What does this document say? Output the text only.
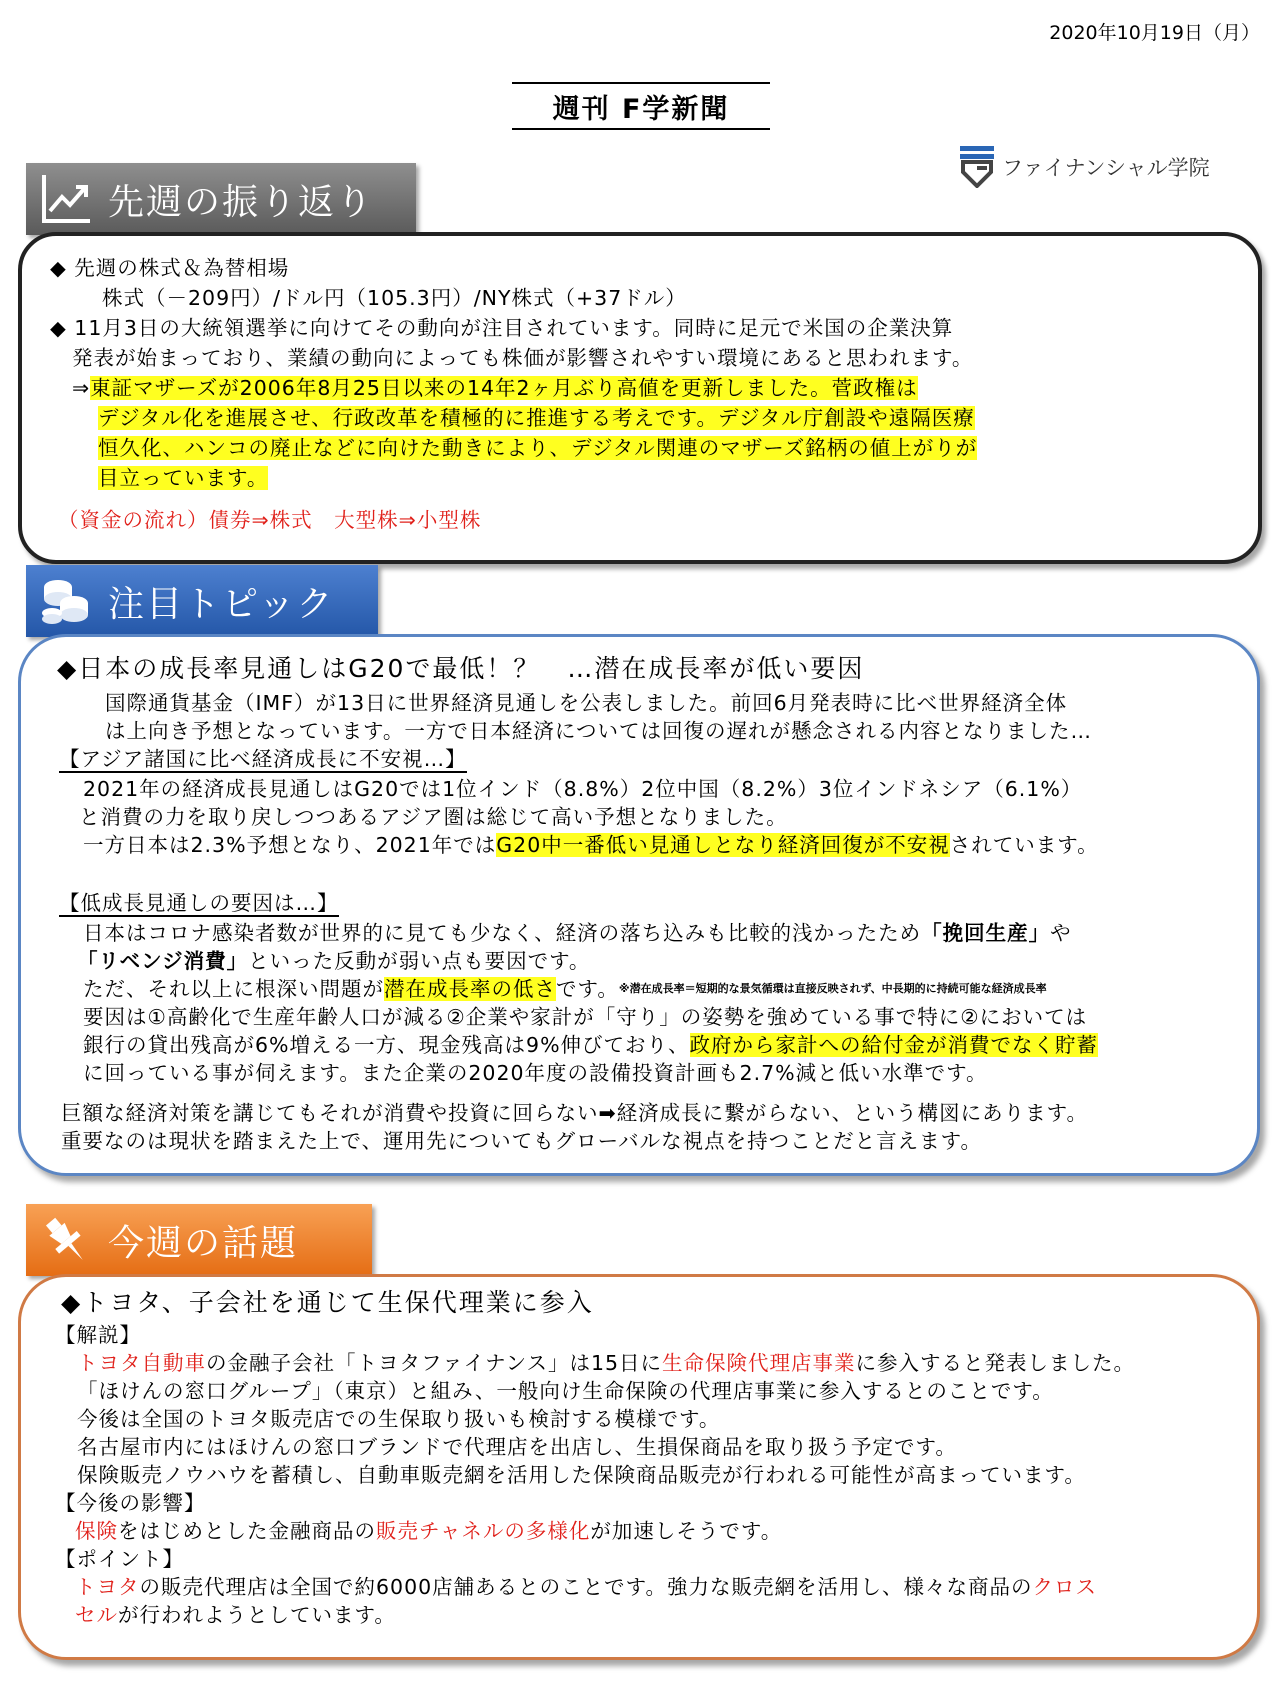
2020年10月19日（月）
週刊 F学新聞
ファイナンシャル学院
先週の振り返り
◆ 先週の株式＆為替相場
株式（－209円）/ドル円（105.3円）/NY株式（+37ドル）
◆ 11月3日の大統領選挙に向けてその動向が注目されています。同時に足元で米国の企業決算
発表が始まっており、業績の動向によっても株価が影響されやすい環境にあると思われます。
⇒東証マザーズが2006年8月25日以来の14年2ヶ月ぶり高値を更新しました。菅政権は
デジタル化を進展させ、行政改革を積極的に推進する考えです。デジタル庁創設や遠隔医療
恒久化、ハンコの廃止などに向けた動きにより、デジタル関連のマザーズ銘柄の値上がりが
目立っています。
（資金の流れ）債券⇒株式　大型株⇒小型株
注目トピック
◆日本の成長率見通しはG20で最低！？　…潜在成長率が低い要因
国際通貨基金（IMF）が13日に世界経済見通しを公表しました。前回6月発表時に比べ世界経済全体
は上向き予想となっています。一方で日本経済については回復の遅れが懸念される内容となりました…
【アジア諸国に比べ経済成長に不安視…】
2021年の経済成長見通しはG20では1位インド（8.8%）2位中国（8.2%）3位インドネシア（6.1%）
と消費の力を取り戻しつつあるアジア圏は総じて高い予想となりました。
一方日本は2.3%予想となり、2021年ではG20中一番低い見通しとなり経済回復が不安視されています。
【低成長見通しの要因は…】
日本はコロナ感染者数が世界的に見ても少なく、経済の落ち込みも比較的浅かったため「挽回生産」や
「リベンジ消費」といった反動が弱い点も要因です。
ただ、それ以上に根深い問題が潜在成長率の低さです。$^{※潜在成長率=短期的な景気循環は直接反映されず、中長期的に持続可能な経済成長率}$
要因は①高齢化で生産年齢人口が減る②企業や家計が「守り」の姿勢を強めている事で特に②においては
銀行の貸出残高が6%増える一方、現金残高は9%伸びており、政府から家計への給付金が消費でなく貯蓄
に回っている事が伺えます。また企業の2020年度の設備投資計画も2.7%減と低い水準です。
巨額な経済対策を講じてもそれが消費や投資に回らない➡経済成長に繋がらない、という構図にあります。
重要なのは現状を踏まえた上で、運用先についてもグローバルな視点を持つことだと言えます。
今週の話題
◆トヨタ、子会社を通じて生保代理業に参入
【解説】
トヨタ自動車の金融子会社「トヨタファイナンス」は15日に生命保険代理店事業に参入すると発表しました。
「ほけんの窓口グループ」（東京）と組み、一般向け生命保険の代理店事業に参入するとのことです。
今後は全国のトヨタ販売店での生保取り扱いも検討する模様です。
名古屋市内にはほけんの窓口ブランドで代理店を出店し、生損保商品を取り扱う予定です。
保険販売ノウハウを蓄積し、自動車販売網を活用した保険商品販売が行われる可能性が高まっています。
【今後の影響】
保険をはじめとした金融商品の販売チャネルの多様化が加速しそうです。
【ポイント】
トヨタの販売代理店は全国で約6000店舗あるとのことです。強力な販売網を活用し、様々な商品のクロス
セルが行われようとしています。
